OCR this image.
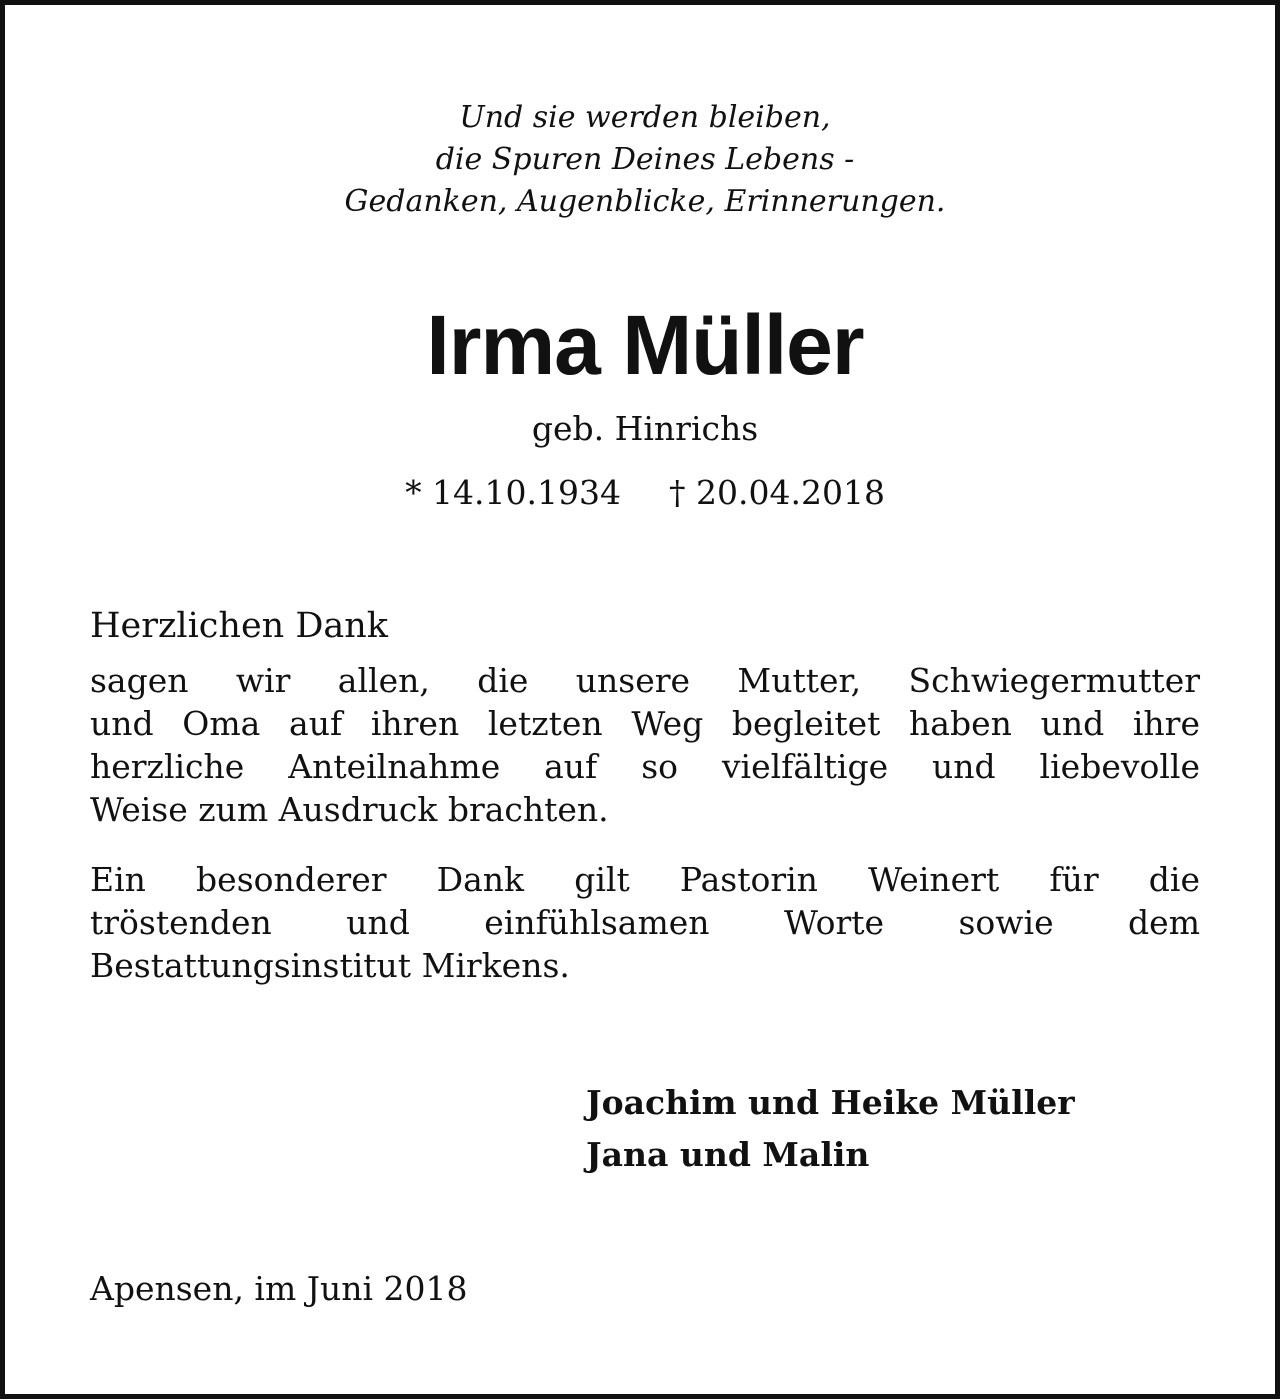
Und sie werden bleiben,
die Spuren Deines Lebens -
Gedanken, Augenblicke, Erinnerungen.
Irma Müller
geb. Hinrichs
* 14.10.1934 † 20.04.2018
Herzlichen Dank
sagen wir allen, die unsere Mutter, Schwiegermutter
und Oma auf ihren letzten Weg begleitet haben und ihre
herzliche Anteilnahme auf so vielfältige und liebevolle
Weise zum Ausdruck brachten.
Ein besonderer Dank gilt Pastorin Weinert für die
tröstenden und einfühlsamen Worte sowie dem
Bestattungsinstitut Mirkens.
Joachim und Heike Müller
Jana und Malin
Apensen, im Juni 2018
